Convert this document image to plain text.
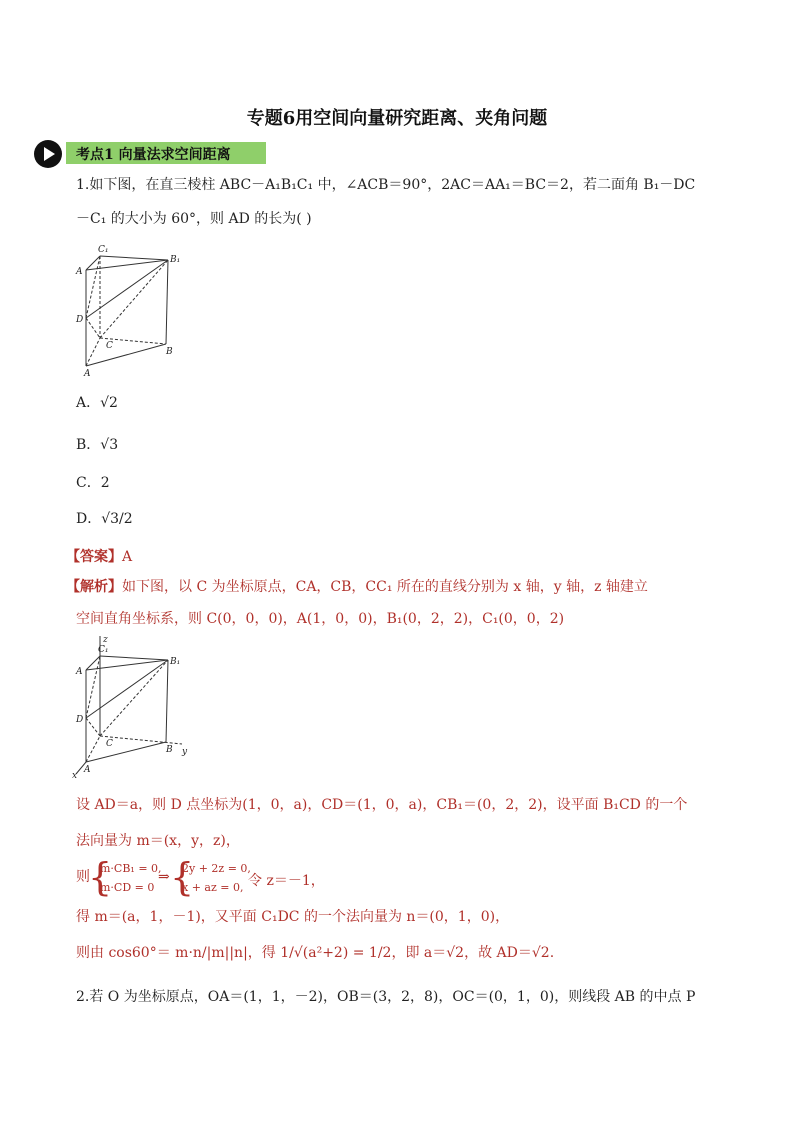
专题6用空间向量研究距离、夹角问题
考点1 向量法求空间距离
1.如下图，在直三棱柱 ABC－A₁B₁C₁ 中，∠ACB＝90°，2AC＝AA₁＝BC＝2，若二面角 B₁－DC
－C₁ 的大小为 60°，则 AD 的长为( )
C₁
A
B₁
D
C
B
A
A．√2
B．√3
C．2
D．√3/2
【答案】A
【解析】如下图，以 C 为坐标原点，CA，CB，CC₁ 所在的直线分别为 x 轴，y 轴，z 轴建立
空间直角坐标系，则 C(0，0，0)，A(1，0，0)，B₁(0，2，2)，C₁(0，0，2)
z
C₁
A
B₁
D
C
B y
A
x
设 AD＝a，则 D 点坐标为(1，0，a)，CD＝(1，0，a)，CB₁＝(0，2，2)，设平面 B₁CD 的一个
法向量为 m＝(x，y，z)，
则
{
m·CB₁ = 0,
m·CD = 0
⇒ {
2y + 2z = 0,
x + az = 0, 令 z＝－1，
得 m＝(a，1，－1)，又平面 C₁DC 的一个法向量为 n＝(0，1，0)，
则由 cos60°＝ m·n/|m||n|，得 1/√(a²+2) = 1/2，即 a＝√2，故 AD＝√2.
2.若 O 为坐标原点，OA＝(1，1，－2)，OB＝(3，2，8)，OC＝(0，1，0)，则线段 AB 的中点 P
